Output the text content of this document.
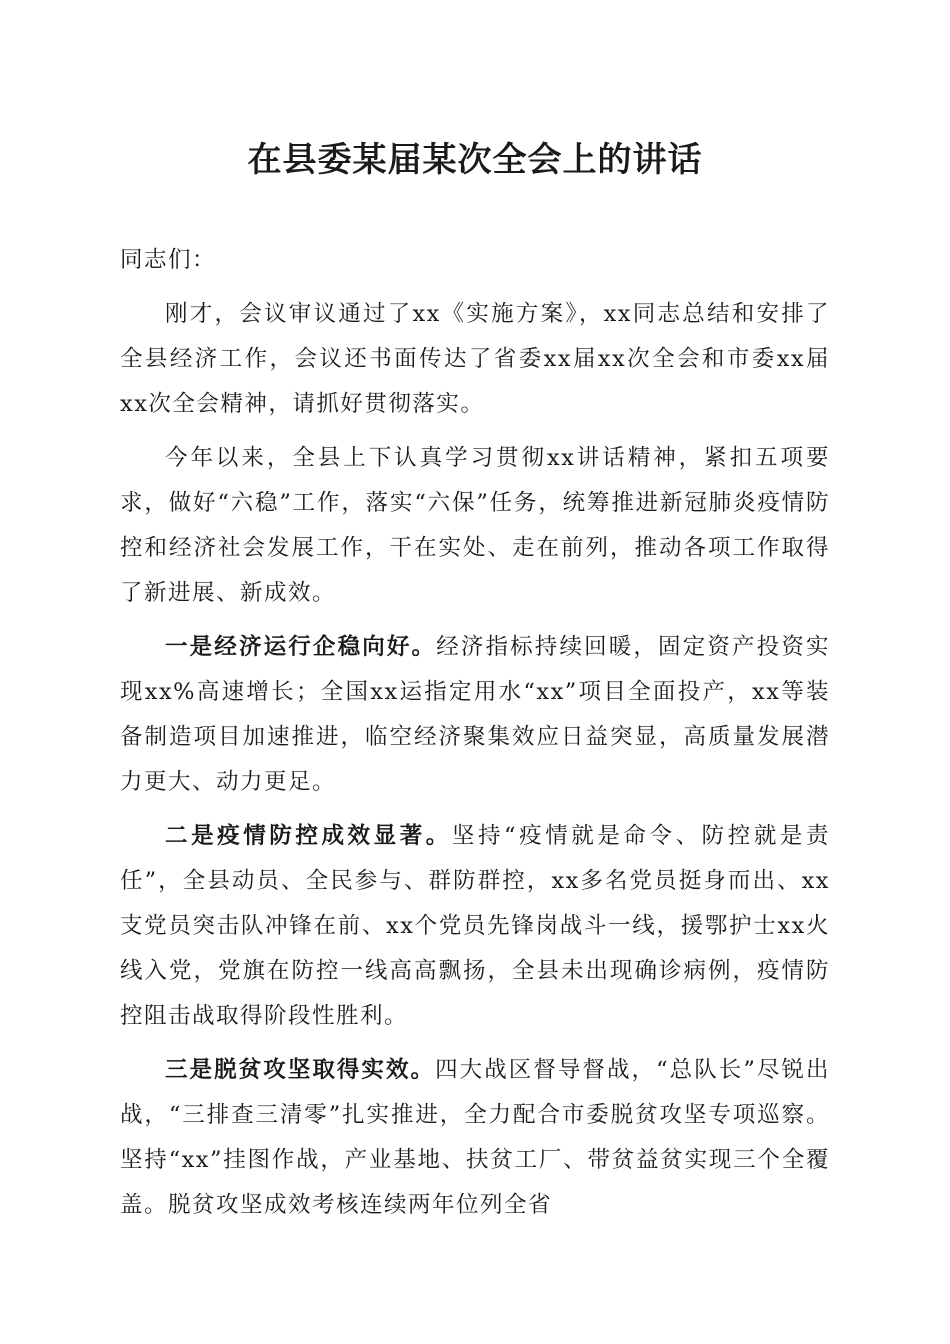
在县委某届某次全会上的讲话

同志们：

刚才，会议审议通过了xx《实施方案》，xx同志总结和安排了全县经济工作，会议还书面传达了省委xx届xx次全会和市委xx届xx次全会精神，请抓好贯彻落实。

今年以来，全县上下认真学习贯彻xx讲话精神，紧扣五项要求，做好“六稳”工作，落实“六保”任务，统筹推进新冠肺炎疫情防控和经济社会发展工作，干在实处、走在前列，推动各项工作取得了新进展、新成效。

一是经济运行企稳向好。经济指标持续回暖，固定资产投资实现xx%高速增长；全国xx运指定用水“xx”项目全面投产，xx等装备制造项目加速推进，临空经济聚集效应日益突显，高质量发展潜力更大、动力更足。

二是疫情防控成效显著。坚持“疫情就是命令、防控就是责任”，全县动员、全民参与、群防群控，xx多名党员挺身而出、xx支党员突击队冲锋在前、xx个党员先锋岗战斗一线，援鄂护士xx火线入党，党旗在防控一线高高飘扬，全县未出现确诊病例，疫情防控阻击战取得阶段性胜利。

三是脱贫攻坚取得实效。四大战区督导督战，“总队长”尽锐出战，“三排查三清零”扎实推进，全力配合市委脱贫攻坚专项巡察。坚持“xx”挂图作战，产业基地、扶贫工厂、带贫益贫实现三个全覆盖。脱贫攻坚成效考核连续两年位列全省
